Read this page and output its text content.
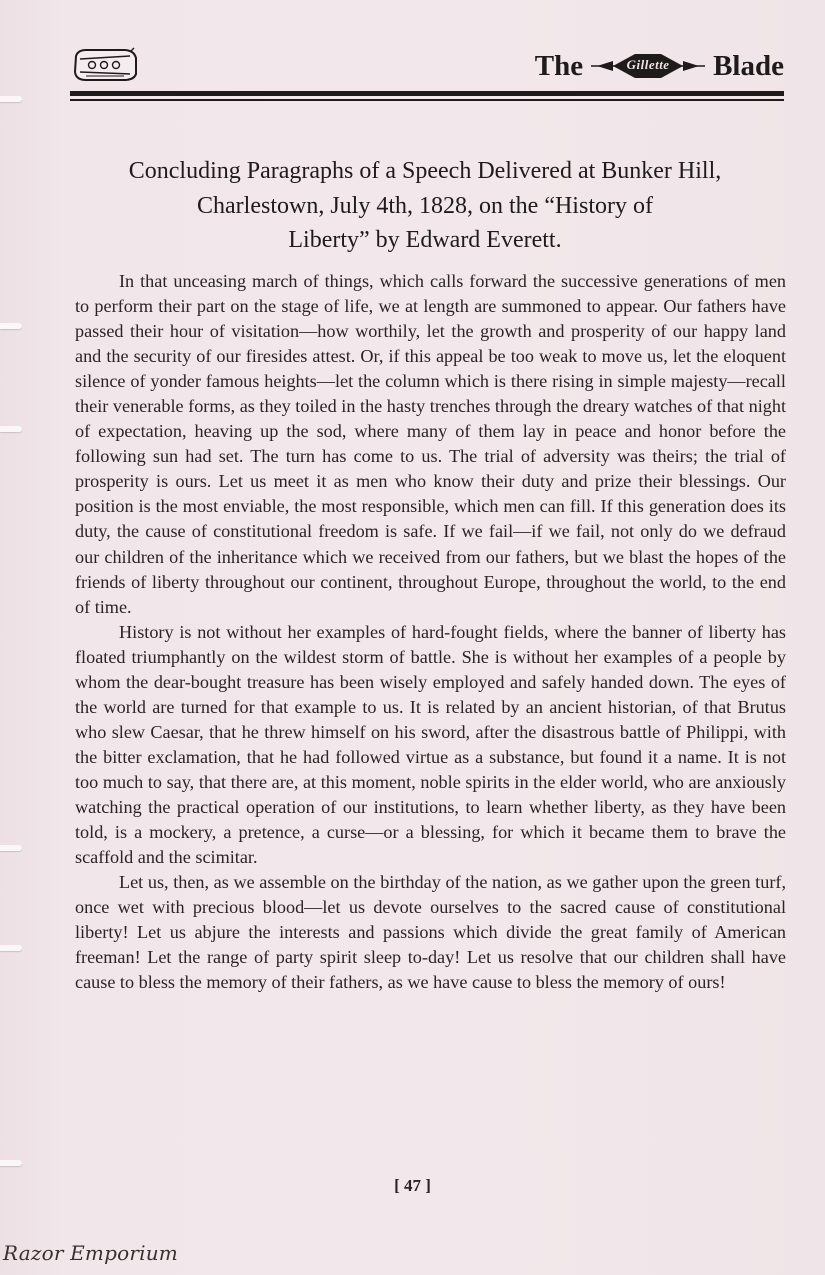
The	Gillette	Blade
Concluding Paragraphs of a Speech Delivered at Bunker Hill,
Charlestown, July 4th, 1828, on the “History of
Liberty” by Edward Everett.

In that unceasing march of things, which calls forward the successive generations of men to perform their part on the stage of life, we at length are summoned to appear. Our fathers have passed their hour of visitation—how worthily, let the growth and prosperity of our happy land and the security of our firesides attest. Or, if this appeal be too weak to move us, let the eloquent silence of yonder famous heights—let the column which is there rising in simple majesty—recall their venerable forms, as they toiled in the hasty trenches through the dreary watches of that night of expectation, heaving up the sod, where many of them lay in peace and honor before the following sun had set. The turn has come to us. The trial of adversity was theirs; the trial of prosperity is ours. Let us meet it as men who know their duty and prize their blessings. Our position is the most enviable, the most responsible, which men can fill. If this generation does its duty, the cause of constitutional freedom is safe. If we fail—if we fail, not only do we defraud our children of the inheritance which we received from our fathers, but we blast the hopes of the friends of liberty throughout our continent, throughout Europe, throughout the world, to the end of time.

History is not without her examples of hard-fought fields, where the banner of liberty has floated triumphantly on the wildest storm of battle. She is without her examples of a people by whom the dear-bought treasure has been wisely employed and safely handed down. The eyes of the world are turned for that example to us. It is related by an ancient historian, of that Brutus who slew Caesar, that he threw himself on his sword, after the disastrous battle of Philippi, with the bitter exclamation, that he had followed virtue as a substance, but found it a name. It is not too much to say, that there are, at this moment, noble spirits in the elder world, who are anxiously watching the practical operation of our institutions, to learn whether liberty, as they have been told, is a mockery, a pretence, a curse—or a blessing, for which it became them to brave the scaffold and the scimitar.

Let us, then, as we assemble on the birthday of the nation, as we gather upon the green turf, once wet with precious blood—let us devote ourselves to the sacred cause of constitutional liberty! Let us abjure the interests and passions which divide the great family of American freeman! Let the range of party spirit sleep to-day! Let us resolve that our children shall have cause to bless the memory of their fathers, as we have cause to bless the memory of ours!

[ 47 ]
Razor Emporium
